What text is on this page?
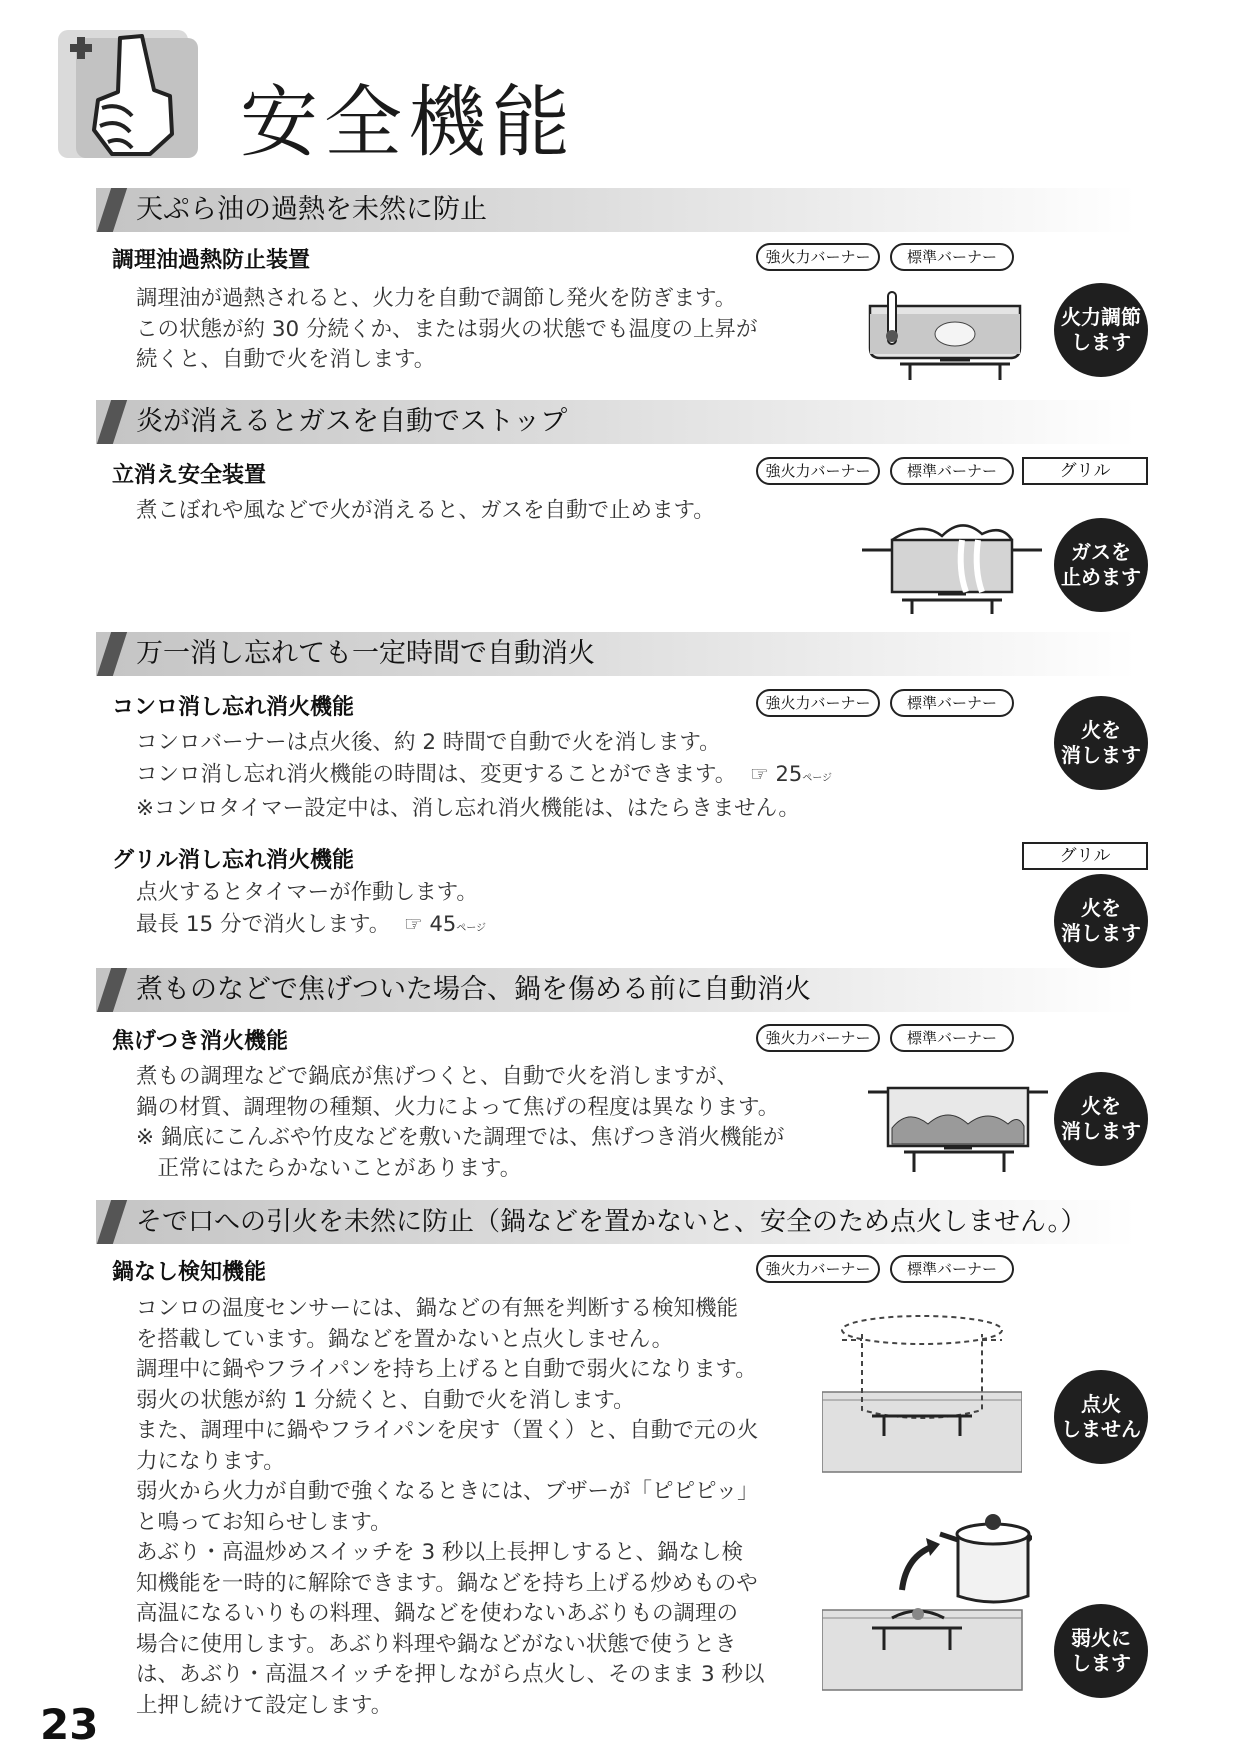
安全機能
天ぷら油の過熱を未然に防止
調理油過熱防止装置	強火力バーナー	標準バーナー
調理油が過熱されると、火力を自動で調節し発火を防ぎます。
この状態が約 30 分続くか、または弱火の状態でも温度の上昇が
続くと、自動で火を消します。
火力調節
します
炎が消えるとガスを自動でストップ
立消え安全装置	強火力バーナー	標準バーナー	グリル
煮こぼれや風などで火が消えると、ガスを自動で止めます。
ガスを
止めます
万一消し忘れても一定時間で自動消火
コンロ消し忘れ消火機能	強火力バーナー	標準バーナー
コンロバーナーは点火後、約 2 時間で自動で火を消します。
コンロ消し忘れ消火機能の時間は、変更することができます。 ☞ 25ページ
※コンロタイマー設定中は、消し忘れ消火機能は、はたらきません。
火を
消します
グリル消し忘れ消火機能	グリル
点火するとタイマーが作動します。
最長 15 分で消火します。 ☞ 45ページ
火を
消します
煮ものなどで焦げついた場合、鍋を傷める前に自動消火
焦げつき消火機能	強火力バーナー	標準バーナー
煮もの調理などで鍋底が焦げつくと、自動で火を消しますが、
鍋の材質、調理物の種類、火力によって焦げの程度は異なります。
※ 鍋底にこんぶや竹皮などを敷いた調理では、焦げつき消火機能が
　正常にはたらかないことがあります。
火を
消します
そで口への引火を未然に防止（鍋などを置かないと、安全のため点火しません。）
鍋なし検知機能	強火力バーナー	標準バーナー
コンロの温度センサーには、鍋などの有無を判断する検知機能
を搭載しています。鍋などを置かないと点火しません。
調理中に鍋やフライパンを持ち上げると自動で弱火になります。
弱火の状態が約 1 分続くと、自動で火を消します。
また、調理中に鍋やフライパンを戻す（置く）と、自動で元の火
力になります。
弱火から火力が自動で強くなるときには、ブザーが「ピピピッ」
と鳴ってお知らせします。
あぶり・高温炒めスイッチを 3 秒以上長押しすると、鍋なし検
知機能を一時的に解除できます。鍋などを持ち上げる炒めものや
高温になるいりもの料理、鍋などを使わないあぶりもの調理の
場合に使用します。あぶり料理や鍋などがない状態で使うとき
は、あぶり・高温スイッチを押しながら点火し、そのまま 3 秒以
上押し続けて設定します。
点火
しません
弱火に
します
23
